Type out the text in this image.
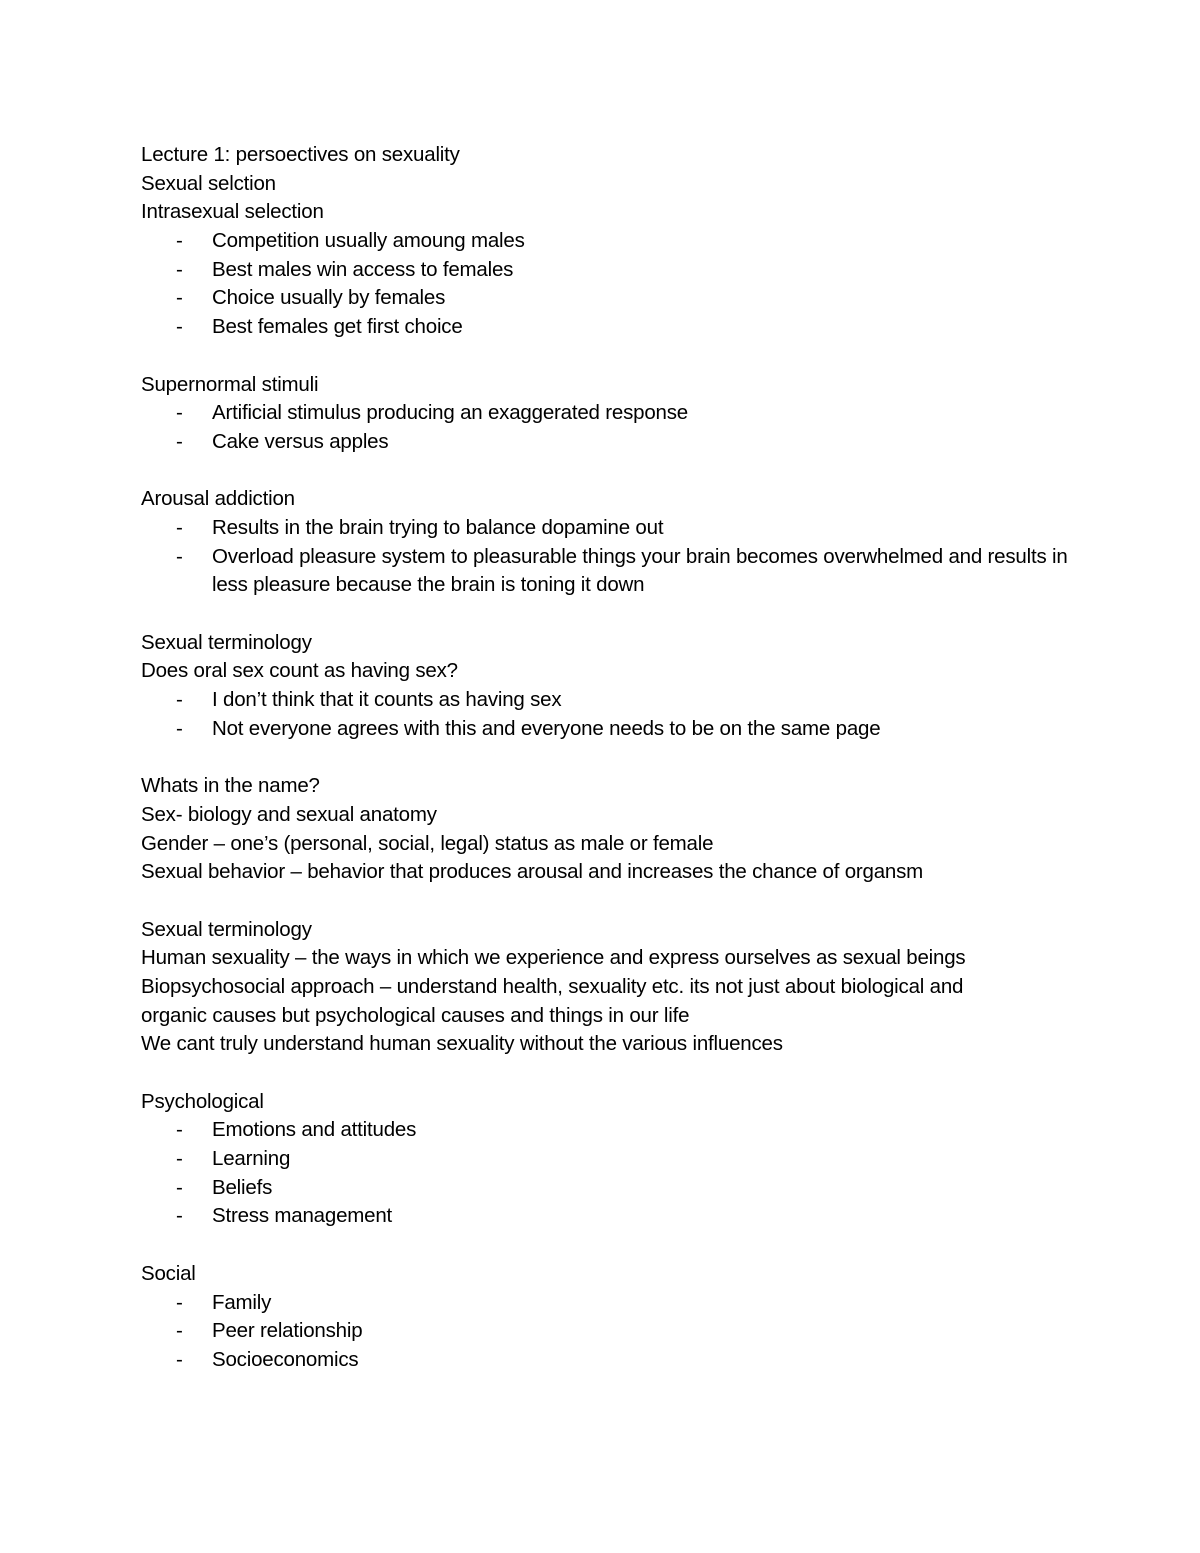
Lecture 1: persoectives on sexuality
Sexual selction
Intrasexual selection
- Competition usually amoung males
- Best males win access to females
- Choice usually by females
- Best females get first choice
Supernormal stimuli
- Artificial stimulus producing an exaggerated response
- Cake versus apples
Arousal addiction
- Results in the brain trying to balance dopamine out
- Overload pleasure system to pleasurable things your brain becomes overwhelmed and results in less pleasure because the brain is toning it down
Sexual terminology
Does oral sex count as having sex?
- I don’t think that it counts as having sex
- Not everyone agrees with this and everyone needs to be on the same page
Whats in the name?
Sex- biology and sexual anatomy
Gender – one’s (personal, social, legal) status as male or female
Sexual behavior – behavior that produces arousal and increases the chance of organsm
Sexual terminology
Human sexuality – the ways in which we experience and express ourselves as sexual beings
Biopsychosocial approach – understand health, sexuality etc. its not just about biological and
organic causes but psychological causes and things in our life
We cant truly understand human sexuality without the various influences
Psychological
- Emotions and attitudes
- Learning
- Beliefs
- Stress management
Social
- Family
- Peer relationship
- Socioeconomics
